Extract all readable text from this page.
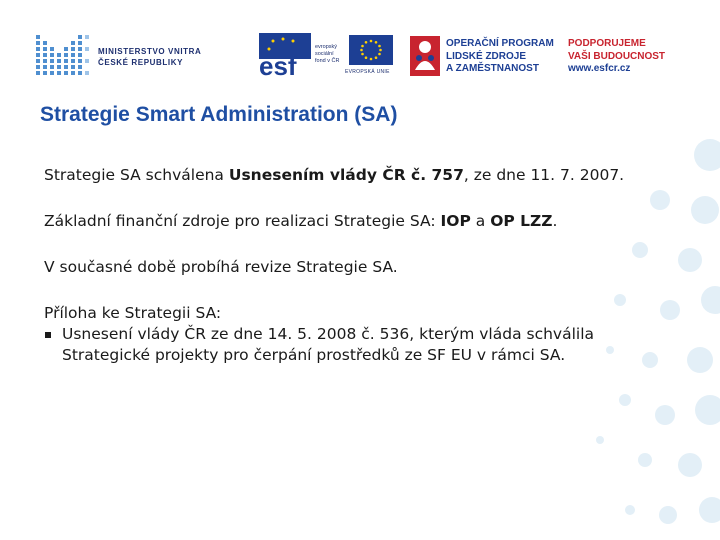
MINISTERSTVO VNITRA
ČESKÉ REPUBLIKY	esf
evropský
sociální
fond v ČR
EVROPSKÁ UNIE
OPERAČNÍ PROGRAM
LIDSKÉ ZDROJE
A ZAMĚSTNANOST
PODPORUJEME
VAŠI BUDOUCNOST
www.esfcr.cz
Strategie Smart Administration (SA)

Strategie SA schválena Usnesením vlády ČR č. 757, ze dne 11. 7. 2007.

Základní finanční zdroje pro realizaci Strategie SA: IOP a OP LZZ.

V současné době probíhá revize Strategie SA.

Příloha ke Strategii SA:

Usnesení vlády ČR ze dne 14. 5. 2008 č. 536, kterým vláda schválila
Strategické projekty pro čerpání prostředků ze SF EU v rámci SA.
